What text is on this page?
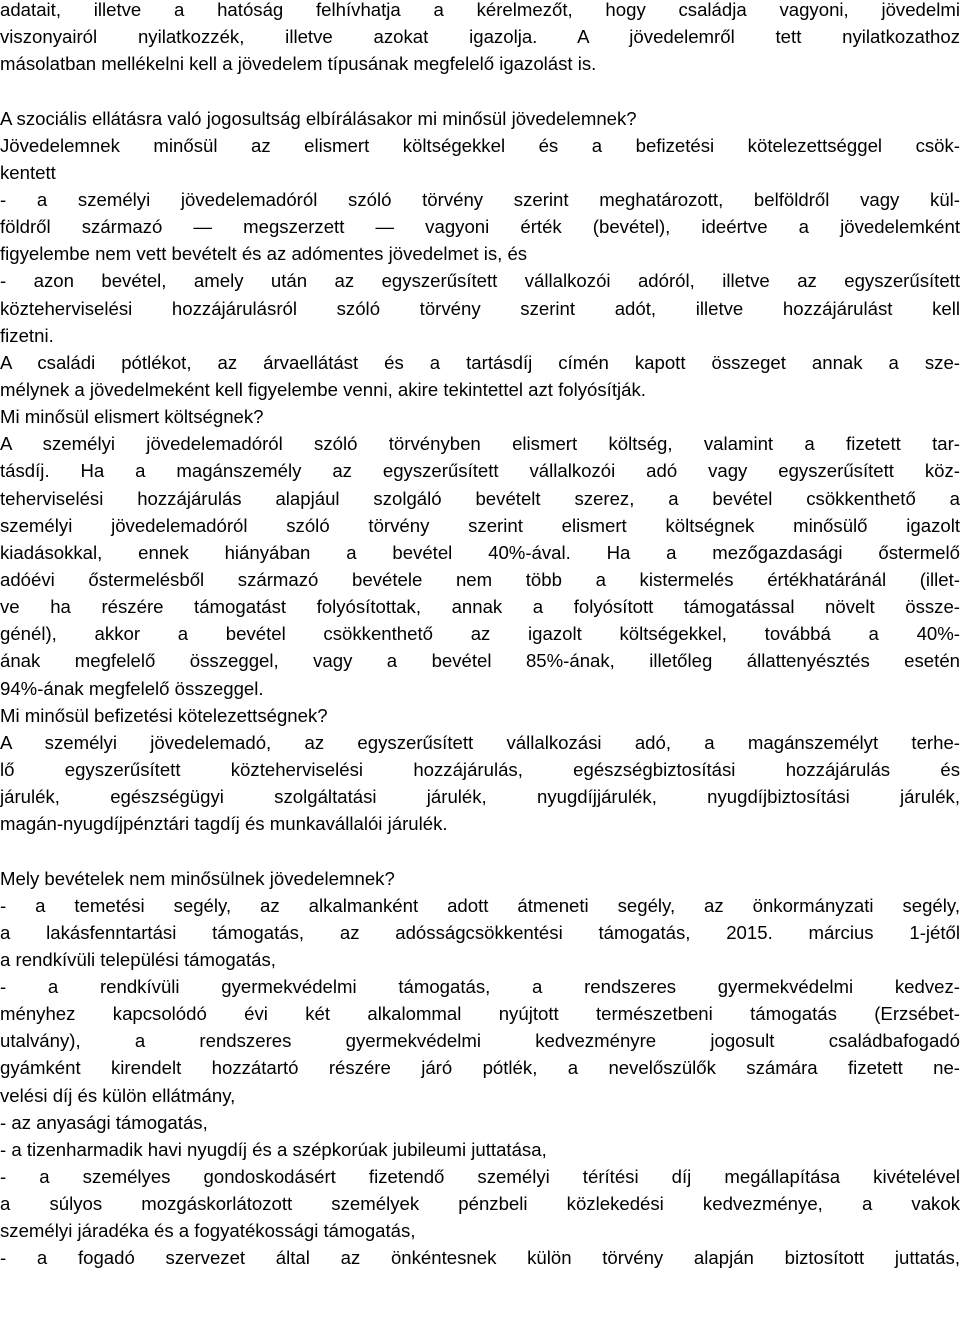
adatait, illetve a hatóság felhívhatja a kérelmezőt, hogy családja vagyoni, jövedelmi
viszonyairól nyilatkozzék, illetve azokat igazolja. A jövedelemről tett nyilatkozathoz
másolatban mellékelni kell a jövedelem típusának megfelelő igazolást is.
A szociális ellátásra való jogosultság elbírálásakor mi minősül jövedelemnek?
Jövedelemnek minősül az elismert költségekkel és a befizetési kötelezettséggel csök-
kentett
- a személyi jövedelemadóról szóló törvény szerint meghatározott, belföldről vagy kül-
földről származó — megszerzett — vagyoni érték (bevétel), ideértve a jövedelemként
figyelembe nem vett bevételt és az adómentes jövedelmet is, és
- azon bevétel, amely után az egyszerűsített vállalkozói adóról, illetve az egyszerűsített
közteherviselési hozzájárulásról szóló törvény szerint adót, illetve hozzájárulást kell
fizetni.
A családi pótlékot, az árvaellátást és a tartásdíj címén kapott összeget annak a sze-
mélynek a jövedelmeként kell figyelembe venni, akire tekintettel azt folyósítják.
Mi minősül elismert költségnek?
A személyi jövedelemadóról szóló törvényben elismert költség, valamint a fizetett tar-
tásdíj. Ha a magánszemély az egyszerűsített vállalkozói adó vagy egyszerűsített köz-
teherviselési hozzájárulás alapjául szolgáló bevételt szerez, a bevétel csökkenthető a
személyi jövedelemadóról szóló törvény szerint elismert költségnek minősülő igazolt
kiadásokkal, ennek hiányában a bevétel 40%-ával. Ha a mezőgazdasági őstermelő
adóévi őstermelésből származó bevétele nem több a kistermelés értékhatáránál (illet-
ve ha részére támogatást folyósítottak, annak a folyósított támogatással növelt össze-
génél), akkor a bevétel csökkenthető az igazolt költségekkel, továbbá a 40%-
ának megfelelő összeggel, vagy a bevétel 85%-ának, illetőleg állattenyésztés esetén
94%-ának megfelelő összeggel.
Mi minősül befizetési kötelezettségnek?
A személyi jövedelemadó, az egyszerűsített vállalkozási adó, a magánszemélyt terhe-
lő egyszerűsített közteherviselési hozzájárulás, egészségbiztosítási hozzájárulás és
járulék, egészségügyi szolgáltatási járulék, nyugdíjjárulék, nyugdíjbiztosítási járulék,
magán-nyugdíjpénztári tagdíj és munkavállalói járulék.
Mely bevételek nem minősülnek jövedelemnek?
- a temetési segély, az alkalmanként adott átmeneti segély, az önkormányzati segély,
a lakásfenntartási támogatás, az adósságcsökkentési támogatás, 2015. március 1-jétől
a rendkívüli települési támogatás,
- a rendkívüli gyermekvédelmi támogatás, a rendszeres gyermekvédelmi kedvez-
ményhez kapcsolódó évi két alkalommal nyújtott természetbeni támogatás (Erzsébet-
utalvány), a rendszeres gyermekvédelmi kedvezményre jogosult családbafogadó
gyámként kirendelt hozzátartó részére járó pótlék, a nevelőszülők számára fizetett ne-
velési díj és külön ellátmány,
- az anyasági támogatás,
- a tizenharmadik havi nyugdíj és a szépkorúak jubileumi juttatása,
- a személyes gondoskodásért fizetendő személyi térítési díj megállapítása kivételével
a súlyos mozgáskorlátozott személyek pénzbeli közlekedési kedvezménye, a vakok
személyi járadéka és a fogyatékossági támogatás,
- a fogadó szervezet által az önkéntesnek külön törvény alapján biztosított juttatás,
